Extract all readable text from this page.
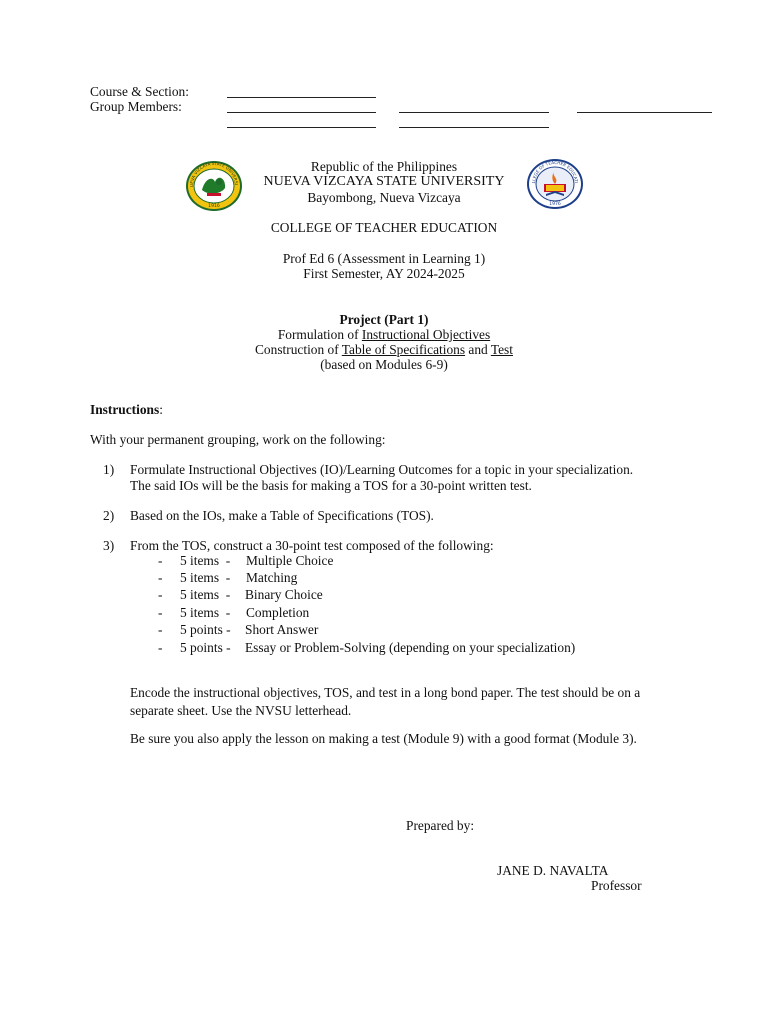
Course & Section:
Group Members:
UEVA VIZCAYA STATE UNIVERSI
1916
LLEGE OF TEACHER EDUCATI
1976
Republic of the Philippines
NUEVA VIZCAYA STATE UNIVERSITY
Bayombong, Nueva Vizcaya
COLLEGE OF TEACHER EDUCATION
Prof Ed 6 (Assessment in Learning 1)
First Semester, AY 2024-2025
Project (Part 1)
Formulation of Instructional Objectives
Construction of Table of Specifications and Test
(based on Modules 6-9)
Instructions:
With your permanent grouping, work on the following:
1) Formulate Instructional Objectives (IO)/Learning Outcomes for a topic in your specialization.
The said IOs will be the basis for making a TOS for a 30-point written test.
2) Based on the IOs, make a Table of Specifications (TOS).
3) From the TOS, construct a 30-point test composed of the following:
- 5 items  - Multiple Choice
- 5 items  - Matching
- 5 items  - Binary Choice
- 5 items  - Completion
- 5 points - Short Answer
- 5 points - Essay or Problem-Solving (depending on your specialization)
Encode the instructional objectives, TOS, and test in a long bond paper. The test should be on a
separate sheet. Use the NVSU letterhead.
Be sure you also apply the lesson on making a test (Module 9) with a good format (Module 3).
Prepared by:
JANE D. NAVALTA
Professor
